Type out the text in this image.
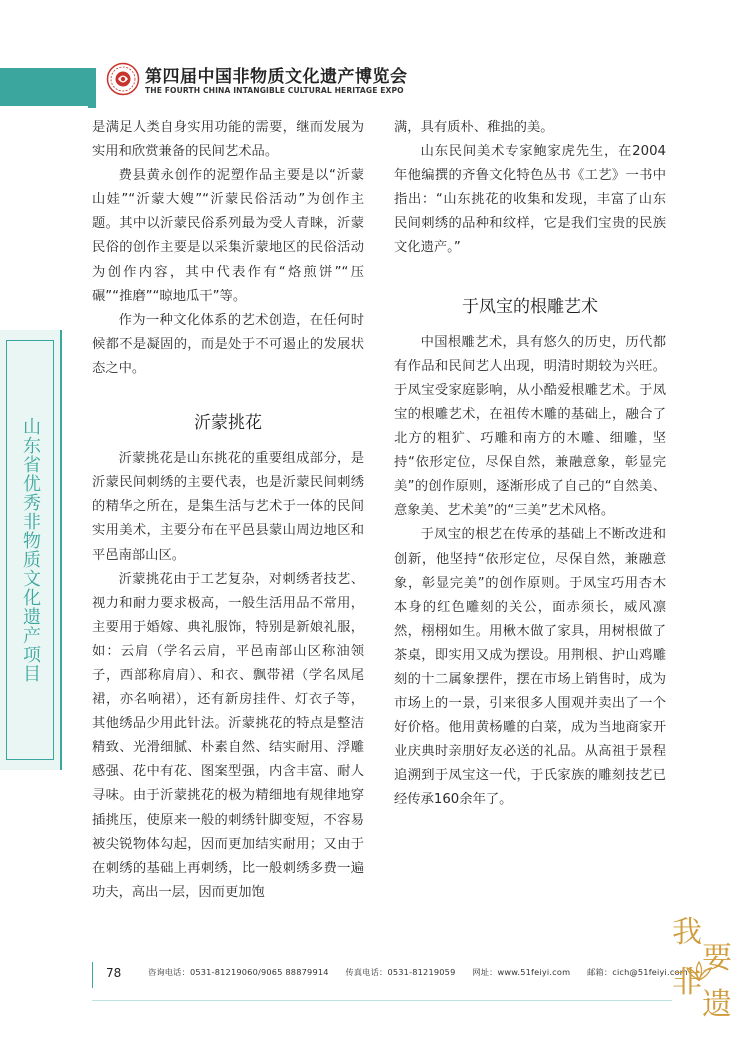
第四届中国非物质文化遗产博览会
THE FOURTH CHINA INTANGIBLE CULTURAL HERITAGE EXPO
山东省优秀非物质文化遗产项目

是满足人类自身实用功能的需要，继而发展为实用和欣赏兼备的民间艺术品。

费县黄永创作的泥塑作品主要是以“沂蒙山娃”“沂蒙大嫂”“沂蒙民俗活动”为创作主题。其中以沂蒙民俗系列最为受人青睐，沂蒙民俗的创作主要是以采集沂蒙地区的民俗活动为创作内容，其中代表作有“烙煎饼”“压碾”“推磨”“晾地瓜干”等。

作为一种文化体系的艺术创造，在任何时候都不是凝固的，而是处于不可遏止的发展状态之中。

沂蒙挑花

沂蒙挑花是山东挑花的重要组成部分，是沂蒙民间刺绣的主要代表，也是沂蒙民间刺绣的精华之所在，是集生活与艺术于一体的民间实用美术，主要分布在平邑县蒙山周边地区和平邑南部山区。

沂蒙挑花由于工艺复杂，对刺绣者技艺、视力和耐力要求极高，一般生活用品不常用，主要用于婚嫁、典礼服饰，特别是新娘礼服，如：云肩（学名云肩，平邑南部山区称油领子，西部称肩肩）、和衣、飘带裙（学名凤尾裙，亦名响裙），还有新房挂件、灯衣子等，其他绣品少用此针法。沂蒙挑花的特点是整洁精致、光滑细腻、朴素自然、结实耐用、浮雕感强、花中有花、图案型强，内含丰富、耐人寻味。由于沂蒙挑花的极为精细地有规律地穿插挑压，使原来一般的刺绣针脚变短，不容易被尖锐物体勾起，因而更加结实耐用；又由于在刺绣的基础上再刺绣，比一般刺绣多费一遍功夫，高出一层，因而更加饱

满，具有质朴、稚拙的美。

山东民间美术专家鲍家虎先生，在2004年他编撰的齐鲁文化特色丛书《工艺》一书中指出：“山东挑花的收集和发现，丰富了山东民间刺绣的品种和纹样，它是我们宝贵的民族文化遗产。”

于凤宝的根雕艺术

中国根雕艺术，具有悠久的历史，历代都有作品和民间艺人出现，明清时期较为兴旺。于凤宝受家庭影响，从小酷爱根雕艺术。于凤宝的根雕艺术，在祖传木雕的基础上，融合了北方的粗犷、巧雕和南方的木雕、细雕，坚持“依形定位，尽保自然，兼融意象，彰显完美”的创作原则，逐渐形成了自己的“自然美、意象美、艺术美”的“三美”艺术风格。

于凤宝的根艺在传承的基础上不断改进和创新，他坚持“依形定位，尽保自然，兼融意象，彰显完美”的创作原则。于凤宝巧用杏木本身的红色雕刻的关公，面赤须长，威风凛然，栩栩如生。用楸木做了家具，用树根做了茶桌，即实用又成为摆设。用荆根、护山鸡雕刻的十二属象摆件，摆在市场上销售时，成为市场上的一景，引来很多人围观并卖出了一个好价格。他用黄杨雕的白菜，成为当地商家开业庆典时亲朋好友必送的礼品。从高祖于景程追溯到于凤宝这一代，于氏家族的雕刻技艺已经传承160余年了。

78	咨询电话：0531-81219060/9065 88879914 传真电话：0531-81219059 网址：www.51feiyi.com 邮箱：cich@51feiyi.com
我
要
非
遗
